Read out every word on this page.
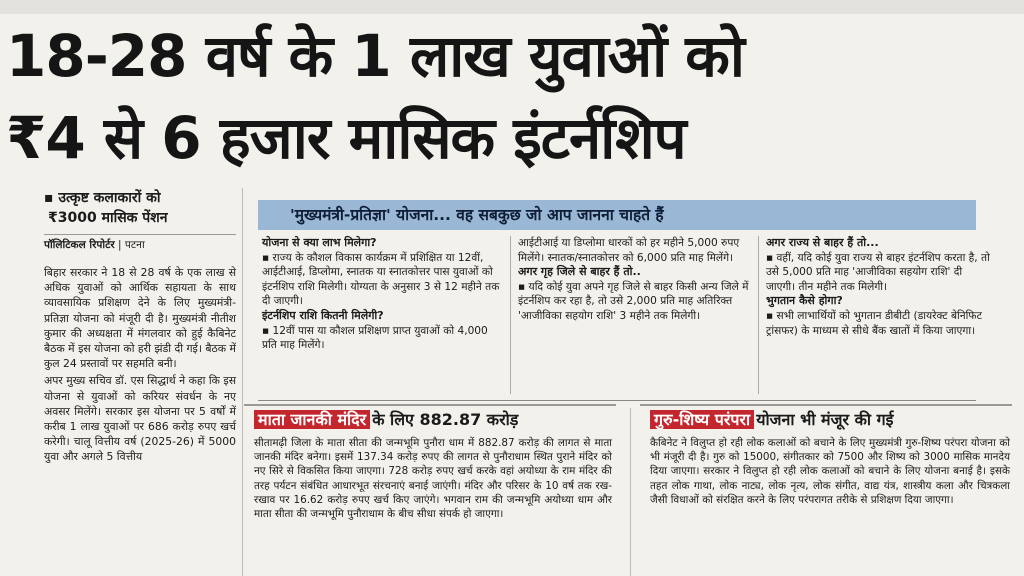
18-28 वर्ष के 1 लाख युवाओं को
₹4 से 6 हजार मासिक इंटर्नशिप
▪ उत्कृष्ट कलाकारों को
₹3000 मासिक पेंशन
पॉलिटिकल रिपोर्टर | पटना

बिहार सरकार ने 18 से 28 वर्ष के एक लाख से अधिक युवाओं को आर्थिक सहायता के साथ व्यावसायिक प्रशिक्षण देने के लिए मुख्यमंत्री-प्रतिज्ञा योजना को मंजूरी दी है। मुख्यमंत्री नीतीश कुमार की अध्यक्षता में मंगलवार को हुई कैबिनेट बैठक में इस योजना को हरी झंडी दी गई। बैठक में कुल 24 प्रस्तावों पर सहमति बनी।

अपर मुख्य सचिव डॉ. एस सिद्धार्थ ने कहा कि इस योजना से युवाओं को करियर संवर्धन के नए अवसर मिलेंगे। सरकार इस योजना पर 5 वर्षों में करीब 1 लाख युवाओं पर 686 करोड़ रुपए खर्च करेगी। चालू वित्तीय वर्ष (2025-26) में 5000 युवा और अगले 5 वित्तीय

'मुख्यमंत्री-प्रतिज्ञा' योजना... वह सबकुछ जो आप जानना चाहते हैं
योजना से क्या लाभ मिलेगा?
▪ राज्य के कौशल विकास कार्यक्रम में प्रशिक्षित या 12वीं, आईटीआई, डिप्लोमा, स्नातक या स्नातकोत्तर पास युवाओं को इंटर्नशिप राशि मिलेगी। योग्यता के अनुसार 3 से 12 महीने तक दी जाएगी।
इंटर्नशिप राशि कितनी मिलेगी?
▪ 12वीं पास या कौशल प्रशिक्षण प्राप्त युवाओं को 4,000 प्रति माह मिलेंगे।
आईटीआई या डिप्लोमा धारकों को हर महीने 5,000 रुपए मिलेंगे। स्नातक/स्नातकोत्तर को 6,000 प्रति माह मिलेंगे।
अगर गृह जिले से बाहर हैं तो..
▪ यदि कोई युवा अपने गृह जिले से बाहर किसी अन्य जिले में इंटर्नशिप कर रहा है, तो उसे 2,000 प्रति माह अतिरिक्त 'आजीविका सहयोग राशि' 3 महीने तक मिलेगी।
अगर राज्य से बाहर हैं तो...
▪ वहीं, यदि कोई युवा राज्य से बाहर इंटर्नशिप करता है, तो उसे 5,000 प्रति माह 'आजीविका सहयोग राशि' दी जाएगी। तीन महीने तक मिलेगी।
भुगतान कैसे होगा?
▪ सभी लाभार्थियों को भुगतान डीबीटी (डायरेक्ट बेनिफिट ट्रांसफर) के माध्यम से सीधे बैंक खातों में किया जाएगा।
माता जानकी मंदिर के लिए 882.87 करोड़
सीतामढ़ी जिला के माता सीता की जन्मभूमि पुनौरा धाम में 882.87 करोड़ की लागत से माता जानकी मंदिर बनेगा। इसमें 137.34 करोड़ रुपए की लागत से पुनौराधाम स्थित पुराने मंदिर को नए सिरे से विकसित किया जाएगा। 728 करोड़ रुपए खर्च करके वहां अयोध्या के राम मंदिर की तरह पर्यटन संबंधित आधारभूत संरचनाएं बनाई जाएंगी। मंदिर और परिसर के 10 वर्ष तक रख-रखाव पर 16.62 करोड़ रुपए खर्च किए जाएंगे। भगवान राम की जन्मभूमि अयोध्या धाम और माता सीता की जन्मभूमि पुनौराधाम के बीच सीधा संपर्क हो जाएगा।
गुरु-शिष्य परंपरा योजना भी मंजूर की गई
कैबिनेट ने विलुप्त हो रही लोक कलाओं को बचाने के लिए मुख्यमंत्री गुरु-शिष्य परंपरा योजना को भी मंजूरी दी है। गुरु को 15000, संगीतकार को 7500 और शिष्य को 3000 मासिक मानदेय दिया जाएगा। सरकार ने विलुप्त हो रही लोक कलाओं को बचाने के लिए योजना बनाई है। इसके तहत लोक गाथा, लोक नाट्य, लोक नृत्य, लोक संगीत, वाद्य यंत्र, शास्त्रीय कला और चित्रकला जैसी विधाओं को संरक्षित करने के लिए परंपरागत तरीके से प्रशिक्षण दिया जाएगा।
